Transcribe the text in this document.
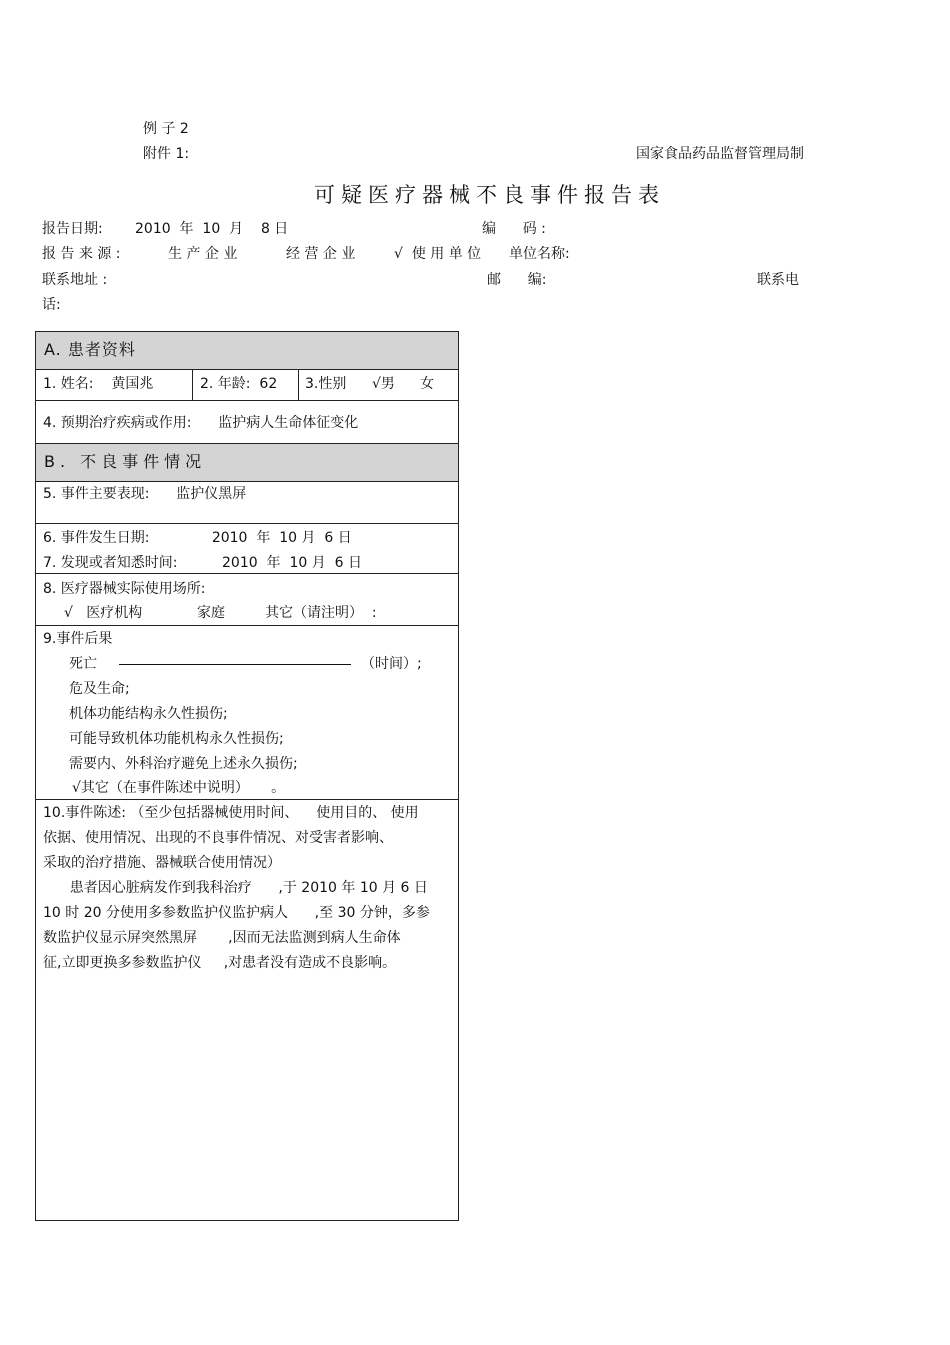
例 子 2
附件 1:	国家食品药品监督管理局制
可疑医疗器械不良事件报告表
报告日期: 2010  年  10  月    8 日	编      码 :
报 告 来 源 :	生 产 企 业	经 营 企 业	√  使 用 单 位 单位名称:
联系地址 :	邮      编:	联系电
话:
A. 患者资料
1. 姓名:    黄国兆	2. 年龄:  62 3.性别 √男 女
4. 预期治疗疾病或作用:      监护病人生命体征变化
B. 不良事件情况
5. 事件主要表现:      监护仪黑屏
6. 事件发生日期:              2010  年  10 月  6 日
7. 发现或者知悉时间:          2010  年  10 月  6 日
8. 医疗器械实际使用场所:
√   医疗机构	家庭	其它（请注明）  :
9.事件后果
死亡	（时间）;
危及生命;
机体功能结构永久性损伤;
可能导致机体功能机构永久性损伤;
需要内、外科治疗避免上述永久损伤;
√其它（在事件陈述中说明）     。
10.事件陈述: （至少包括器械使用时间、    使用目的、 使用
依据、使用情况、出现的不良事件情况、对受害者影响、
采取的治疗措施、器械联合使用情况）
患者因心脏病发作到我科治疗      ,于 2010 年 10 月 6 日
10 时 20 分使用多参数监护仪监护病人      ,至 30 分钟，多参
数监护仪显示屏突然黑屏       ,因而无法监测到病人生命体
征,立即更换多参数监护仪     ,对患者没有造成不良影响。
